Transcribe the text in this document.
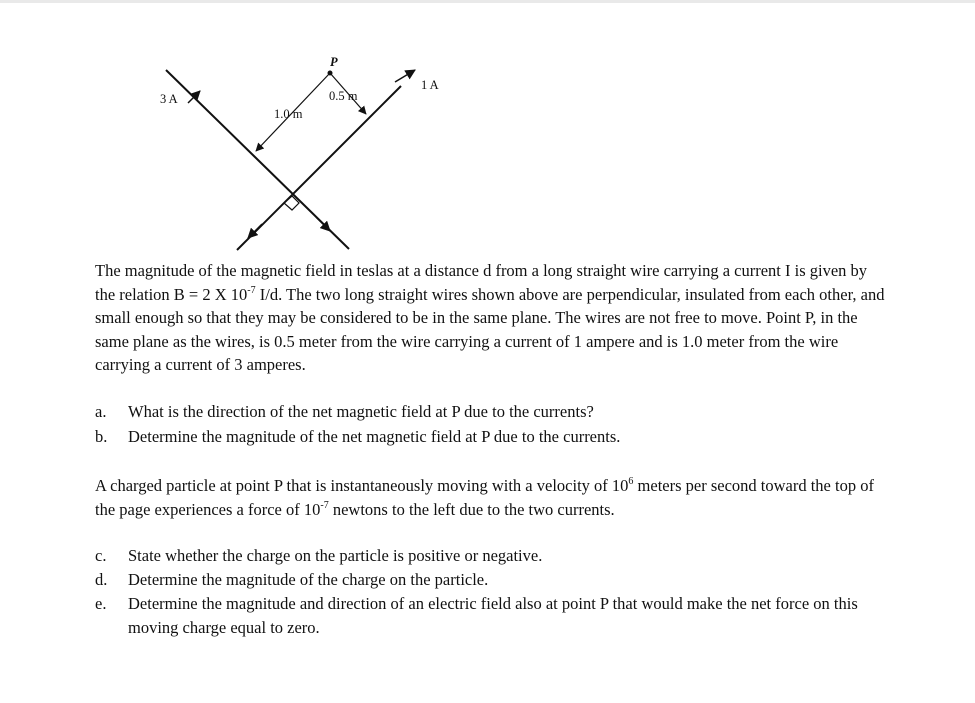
P
3 A
1 A
1.0 m
0.5 m

The magnitude of the magnetic field in teslas at a distance d from a long straight wire carrying a current I is given by the relation B = 2 X $10^{-7}$ I/d. The two long straight wires shown above are perpendicular, insulated from each other, and small enough so that they may be considered to be in the same plane. The wires are not free to move. Point P, in the same plane as the wires, is 0.5 meter from the wire carrying a current of 1 ampere and is 1.0 meter from the wire carrying a current of 3 amperes.

a. What is the direction of the net magnetic field at P due to the currents?
b. Determine the magnitude of the net magnetic field at P due to the currents.

A charged particle at point P that is instantaneously moving with a velocity of $10^6$ meters per second toward the top of the page experiences a force of $10^{-7}$ newtons to the left due to the two currents.

c. State whether the charge on the particle is positive or negative.
d. Determine the magnitude of the charge on the particle.
e. Determine the magnitude and direction of an electric field also at point P that would make the net force on this moving charge equal to zero.
